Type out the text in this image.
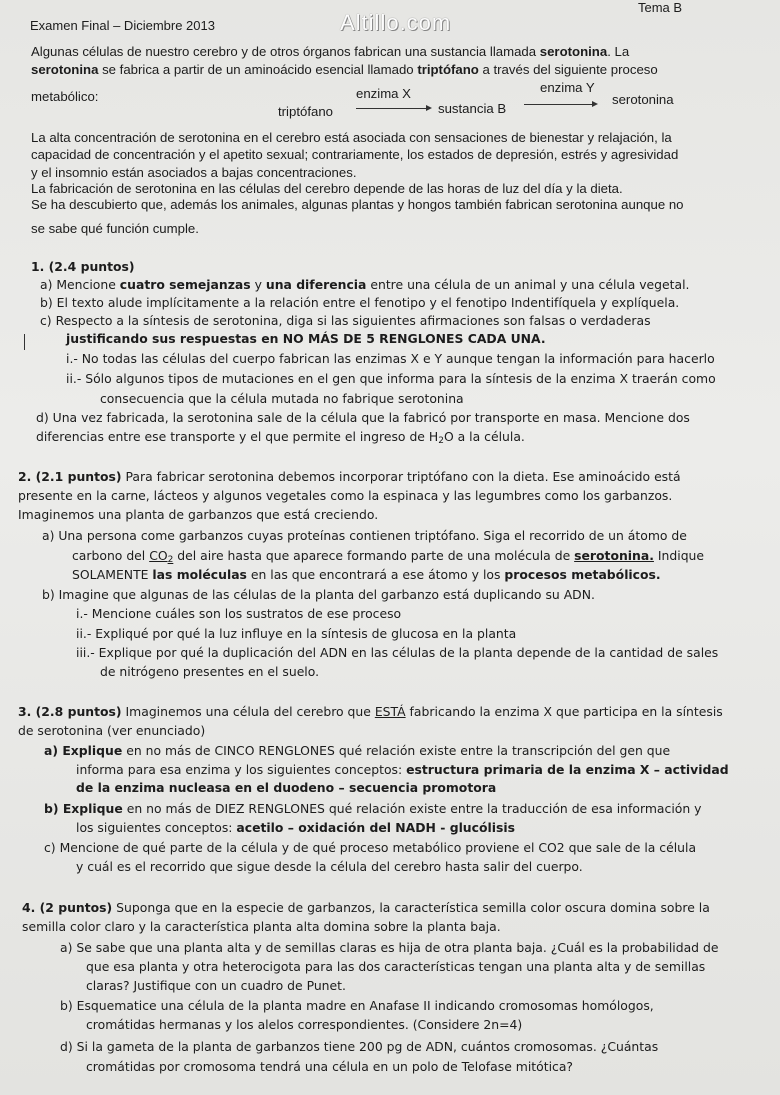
Examen Final – Diciembre 2013	Altillo.com
Tema B
Algunas células de nuestro cerebro y de otros órganos fabrican una sustancia llamada serotonina. La
serotonina se fabrica a partir de un aminoácido esencial llamado triptófano a través del siguiente proceso
metabólico:	enzima X	enzima Y
triptófano	sustancia B
serotonina
La alta concentración de serotonina en el cerebro está asociada con sensaciones de bienestar y relajación, la
capacidad de concentración y el apetito sexual; contrariamente, los estados de depresión, estrés y agresividad
y el insomnio están asociados a bajas concentraciones.
La fabricación de serotonina en las células del cerebro depende de las horas de luz del día y la dieta.
Se ha descubierto que, además los animales, algunas plantas y hongos también fabrican serotonina aunque no
se sabe qué función cumple.
1. (2.4 puntos)
a) Mencione cuatro semejanzas y una diferencia entre una célula de un animal y una célula vegetal.
b) El texto alude implícitamente a la relación entre el fenotipo y el fenotipo Indentifíquela y explíquela.
c) Respecto a la síntesis de serotonina, diga si las siguientes afirmaciones son falsas o verdaderas
justificando sus respuestas en NO MÁS DE 5 RENGLONES CADA UNA.
i.- No todas las células del cuerpo fabrican las enzimas X e Y aunque tengan la información para hacerlo
ii.- Sólo algunos tipos de mutaciones en el gen que informa para la síntesis de la enzima X traerán como
consecuencia que la célula mutada no fabrique serotonina
d) Una vez fabricada, la serotonina sale de la célula que la fabricó por transporte en masa. Mencione dos
diferencias entre ese transporte y el que permite el ingreso de $H_2O$ a la célula.
2. (2.1 puntos) Para fabricar serotonina debemos incorporar triptófano con la dieta. Ese aminoácido está
presente en la carne, lácteos y algunos vegetales como la espinaca y las legumbres como los garbanzos.
Imaginemos una planta de garbanzos que está creciendo.
a) Una persona come garbanzos cuyas proteínas contienen triptófano. Siga el recorrido de un átomo de
carbono del $CO_2$ del aire hasta que aparece formando parte de una molécula de serotonina. Indique
SOLAMENTE las moléculas en las que encontrará a ese átomo y los procesos metabólicos.
b) Imagine que algunas de las células de la planta del garbanzo está duplicando su ADN.
i.- Mencione cuáles son los sustratos de ese proceso
ii.- Expliqué por qué la luz influye en la síntesis de glucosa en la planta
iii.- Explique por qué la duplicación del ADN en las células de la planta depende de la cantidad de sales
de nitrógeno presentes en el suelo.
3. (2.8 puntos) Imaginemos una célula del cerebro que ESTÁ fabricando la enzima X que participa en la síntesis
de serotonina (ver enunciado)
a) Explique en no más de CINCO RENGLONES qué relación existe entre la transcripción del gen que
informa para esa enzima y los siguientes conceptos: estructura primaria de la enzima X – actividad
de la enzima nucleasa en el duodeno – secuencia promotora
b) Explique en no más de DIEZ RENGLONES qué relación existe entre la traducción de esa información y
los siguientes conceptos: acetilo – oxidación del NADH - glucólisis
c) Mencione de qué parte de la célula y de qué proceso metabólico proviene el CO2 que sale de la célula
y cuál es el recorrido que sigue desde la célula del cerebro hasta salir del cuerpo.
4. (2 puntos) Suponga que en la especie de garbanzos, la característica semilla color oscura domina sobre la
semilla color claro y la característica planta alta domina sobre la planta baja.
a) Se sabe que una planta alta y de semillas claras es hija de otra planta baja. ¿Cuál es la probabilidad de
que esa planta y otra heterocigota para las dos características tengan una planta alta y de semillas
claras? Justifique con un cuadro de Punet.
b) Esquematice una célula de la planta madre en Anafase II indicando cromosomas homólogos,
cromátidas hermanas y los alelos correspondientes. (Considere 2n=4)
d) Si la gameta de la planta de garbanzos tiene 200 pg de ADN, cuántos cromosomas. ¿Cuántas
cromátidas por cromosoma tendrá una célula en un polo de Telofase mitótica?
